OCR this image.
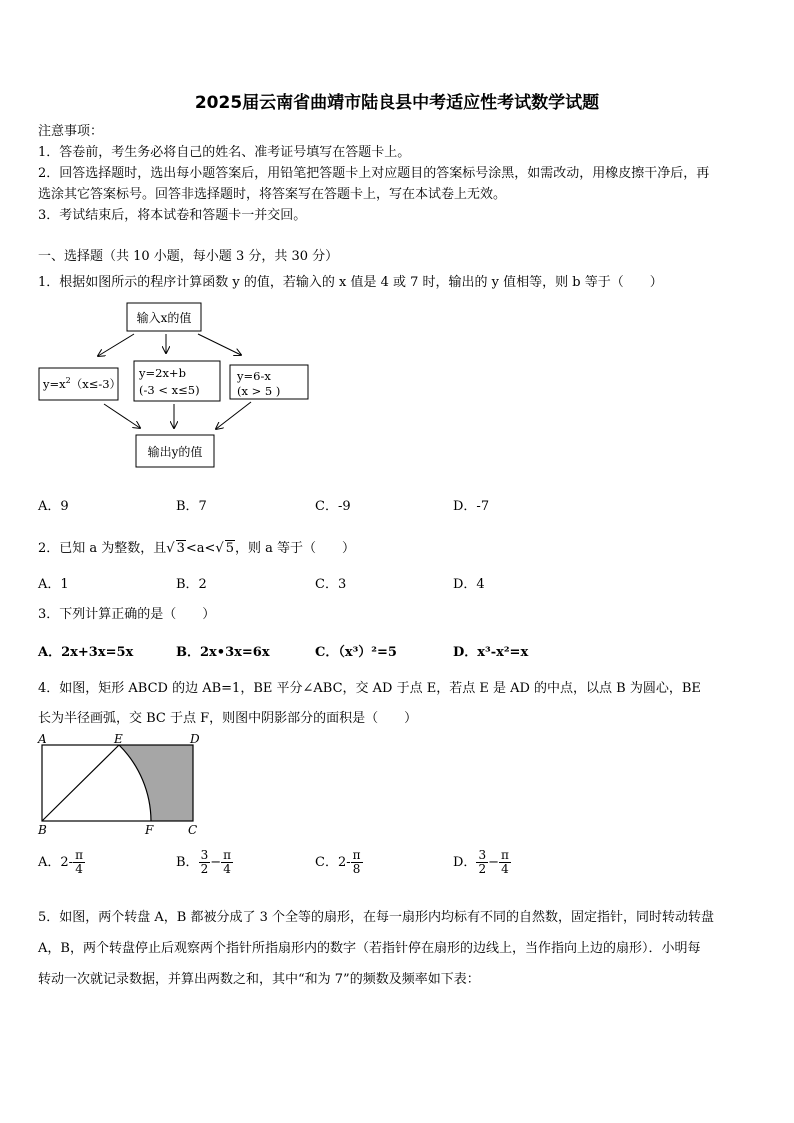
2025届云南省曲靖市陆良县中考适应性考试数学试题
注意事项：
1．答卷前，考生务必将自己的姓名、准考证号填写在答题卡上。
2．回答选择题时，选出每小题答案后，用铅笔把答题卡上对应题目的答案标号涂黑，如需改动，用橡皮擦干净后，再
选涂其它答案标号。回答非选择题时，将答案写在答题卡上，写在本试卷上无效。
3．考试结束后，将本试卷和答题卡一并交回。
一、选择题（共 10 小题，每小题 3 分，共 30 分）
1．根据如图所示的程序计算函数 y 的值，若输入的 x 值是 4 或 7 时，输出的 y 值相等，则 b 等于（　　）
输入x的值
$y=x^2(x\le-3)$
y=2x+b
(-3 < x≤5)
y=6-x
(x > 5 )
输出y的值
A．9	B．7	C．-9	D．-7
2．已知 a 为整数，且√ 3<a<√ 5，则 a 等于（　　）
A．1	B．2	C．3	D．4
3．下列计算正确的是（　　）
A．2x+3x=5x	B．2x•3x=6x	C．（x³）²=5	D．x³-x²=x
4．如图，矩形 ABCD 的边 AB=1，BE 平分∠ABC，交 AD 于点 E，若点 E 是 AD 的中点，以点 B 为圆心，BE
长为半径画弧，交 BC 于点 F，则图中阴影部分的面积是（　　）
A	E	D
B	F	C
A．$2- \frac{\pi}{4}$	B． $\frac{3}{2} - \frac{\pi}{4}$	C．$2- \frac{\pi}{8}$	D． $\frac{3}{2} - \frac{\pi}{4}$
5．如图，两个转盘 A，B 都被分成了 3 个全等的扇形，在每一扇形内均标有不同的自然数，固定指针，同时转动转盘
A，B，两个转盘停止后观察两个指针所指扇形内的数字（若指针停在扇形的边线上，当作指向上边的扇形）．小明每
转动一次就记录数据，并算出两数之和，其中“和为 7”的频数及频率如下表：
